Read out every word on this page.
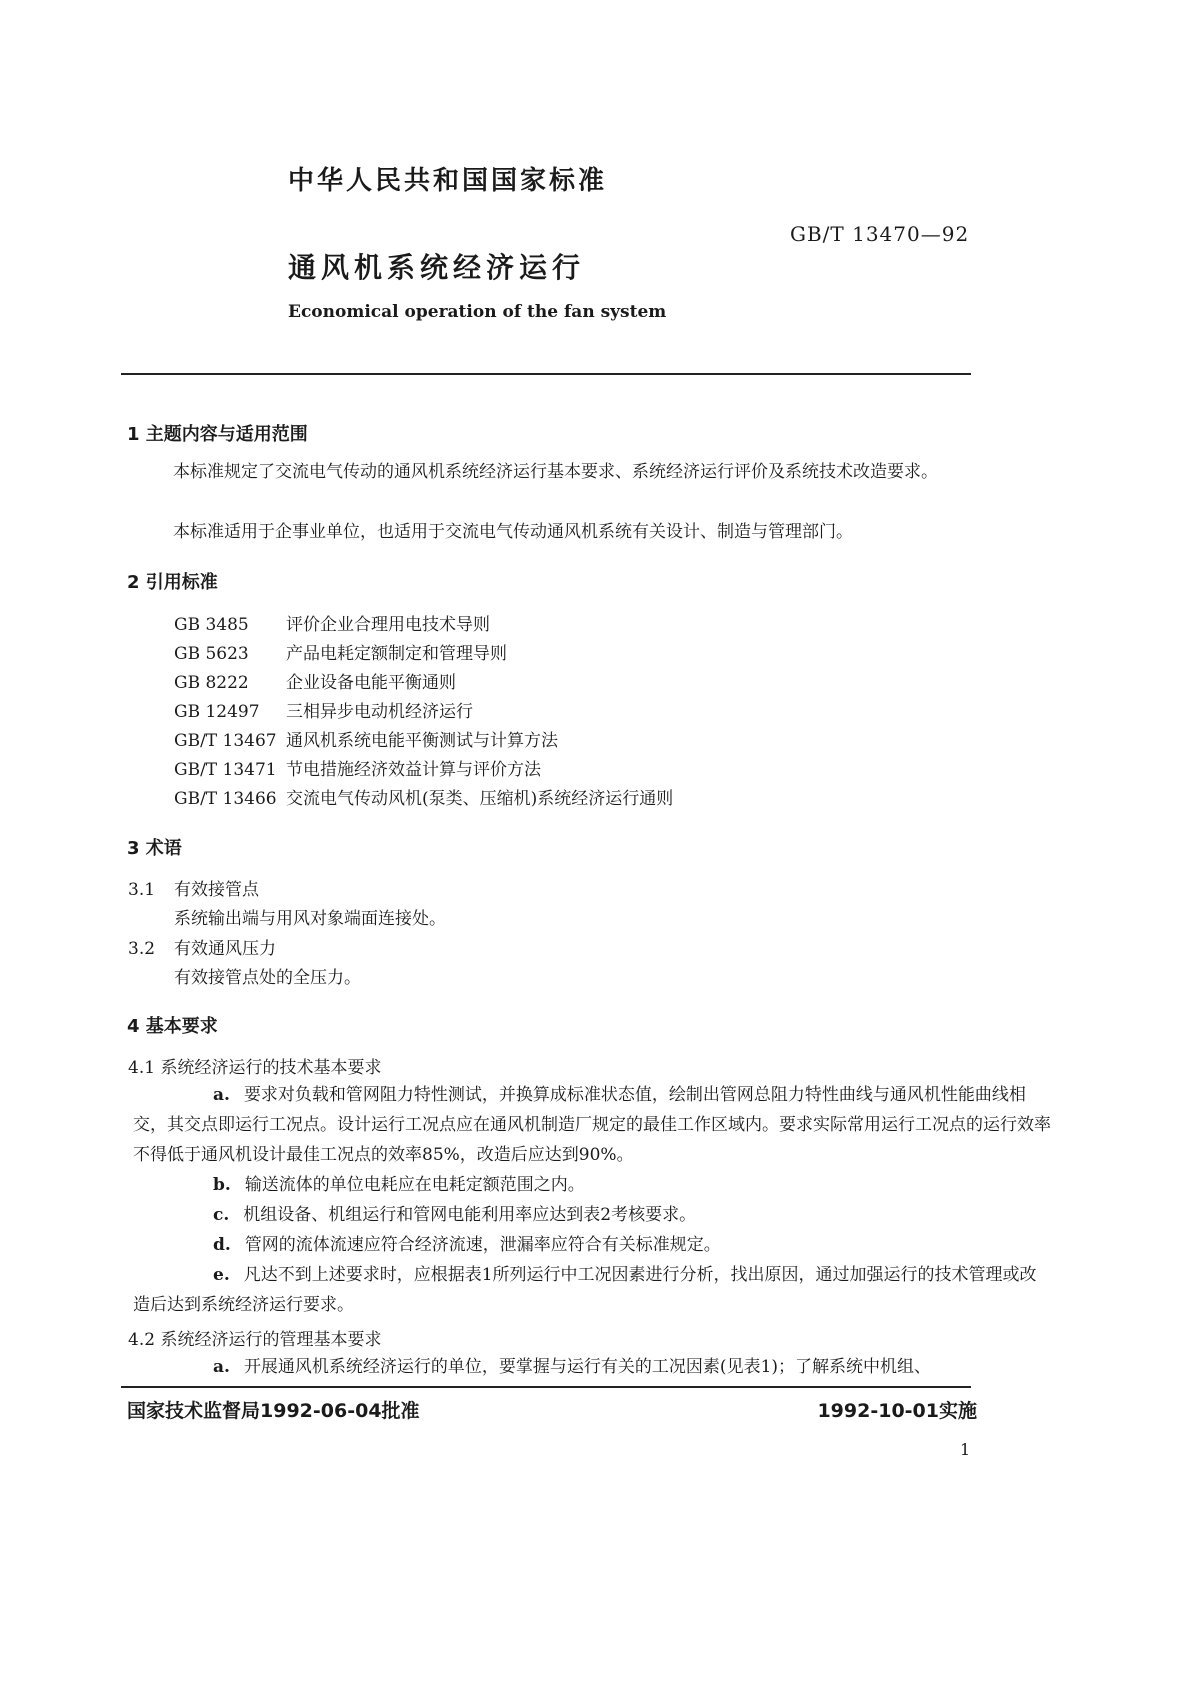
中华人民共和国国家标准
GB/T 13470—92
通风机系统经济运行
Economical operation of the fan system
1 主题内容与适用范围
本标准规定了交流电气传动的通风机系统经济运行基本要求、系统经济运行评价及系统技术改造要求。
本标准适用于企事业单位，也适用于交流电气传动通风机系统有关设计、制造与管理部门。
2 引用标准
GB 3485 评价企业合理用电技术导则
GB 5623 产品电耗定额制定和管理导则
GB 8222 企业设备电能平衡通则
GB 12497 三相异步电动机经济运行
GB/T 13467 通风机系统电能平衡测试与计算方法
GB/T 13471 节电措施经济效益计算与评价方法
GB/T 13466 交流电气传动风机(泵类、压缩机)系统经济运行通则
3 术语
3.1 有效接管点
系统输出端与用风对象端面连接处。
3.2 有效通风压力
有效接管点处的全压力。
4 基本要求
4.1 系统经济运行的技术基本要求
a. 要求对负载和管网阻力特性测试，并换算成标准状态值，绘制出管网总阻力特性曲线与通风机性能曲线相交，其交点即运行工况点。设计运行工况点应在通风机制造厂规定的最佳工作区域内。要求实际常用运行工况点的运行效率不得低于通风机设计最佳工况点的效率85%，改造后应达到90%。
b. 输送流体的单位电耗应在电耗定额范围之内。
c. 机组设备、机组运行和管网电能利用率应达到表2考核要求。
d. 管网的流体流速应符合经济流速，泄漏率应符合有关标准规定。
e. 凡达不到上述要求时，应根据表1所列运行中工况因素进行分析，找出原因，通过加强运行的技术管理或改造后达到系统经济运行要求。
4.2 系统经济运行的管理基本要求
a. 开展通风机系统经济运行的单位，要掌握与运行有关的工况因素(见表1)；了解系统中机组、
国家技术监督局1992-06-04批准	1992-10-01实施
1
